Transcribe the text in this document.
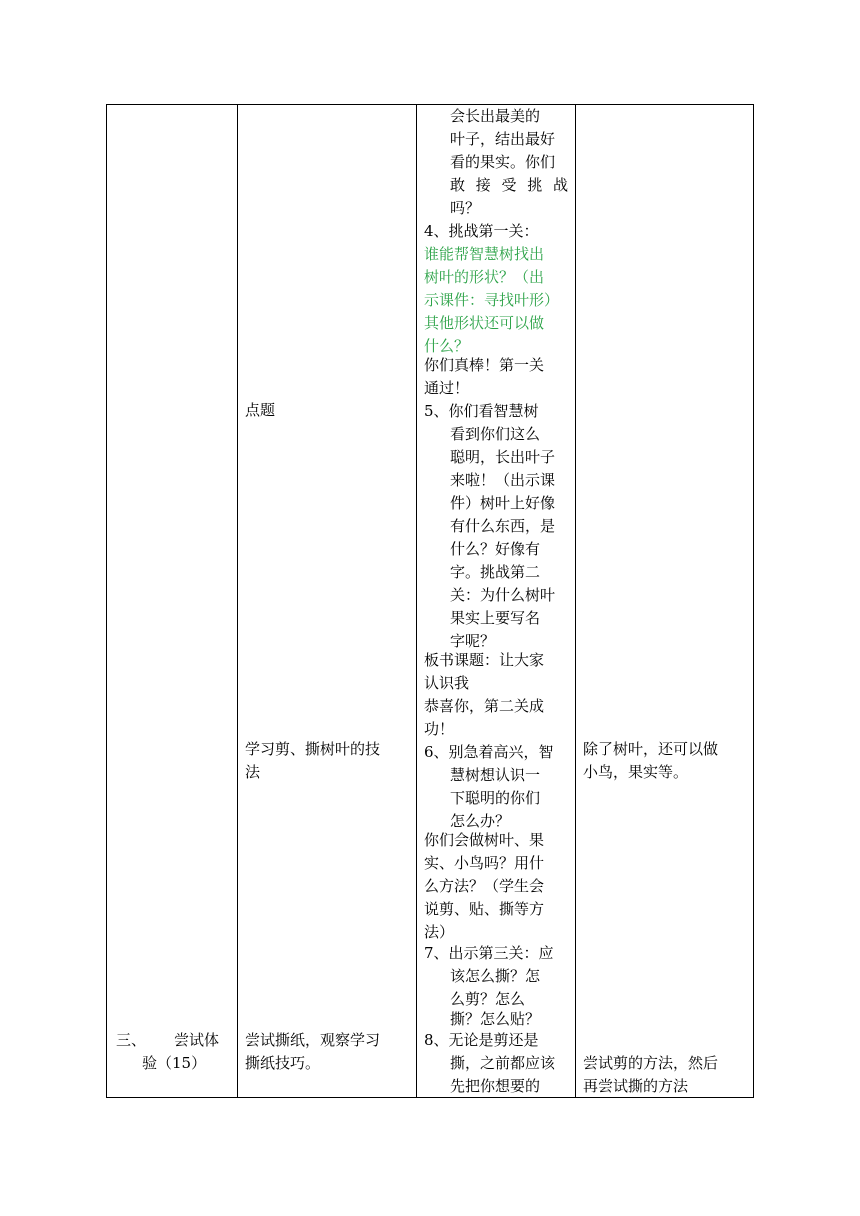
三、 尝试体
验（15）
点题
学习剪、撕树叶的技
法
尝试撕纸，观察学习
撕纸技巧。
会长出最美的
叶子，结出最好
看的果实。你们
敢 接 受 挑 战
吗？
4、挑战第一关：
谁能帮智慧树找出
树叶的形状？（出
示课件：寻找叶形）
其他形状还可以做
什么？
你们真棒！第一关
通过！
5、你们看智慧树
看到你们这么
聪明，长出叶子
来啦！（出示课
件）树叶上好像
有什么东西，是
什么？好像有
字。挑战第二
关：为什么树叶
果实上要写名
字呢？
板书课题：让大家
认识我
恭喜你，第二关成
功！
6、别急着高兴，智
慧树想认识一
下聪明的你们
怎么办？
你们会做树叶、果
实、小鸟吗？用什
么方法？（学生会
说剪、贴、撕等方
法）
7、出示第三关：应
该怎么撕？怎
么剪？怎么
撕？怎么贴？
8、无论是剪还是
撕，之前都应该
先把你想要的
除了树叶，还可以做
小鸟，果实等。
尝试剪的方法，然后
再尝试撕的方法
